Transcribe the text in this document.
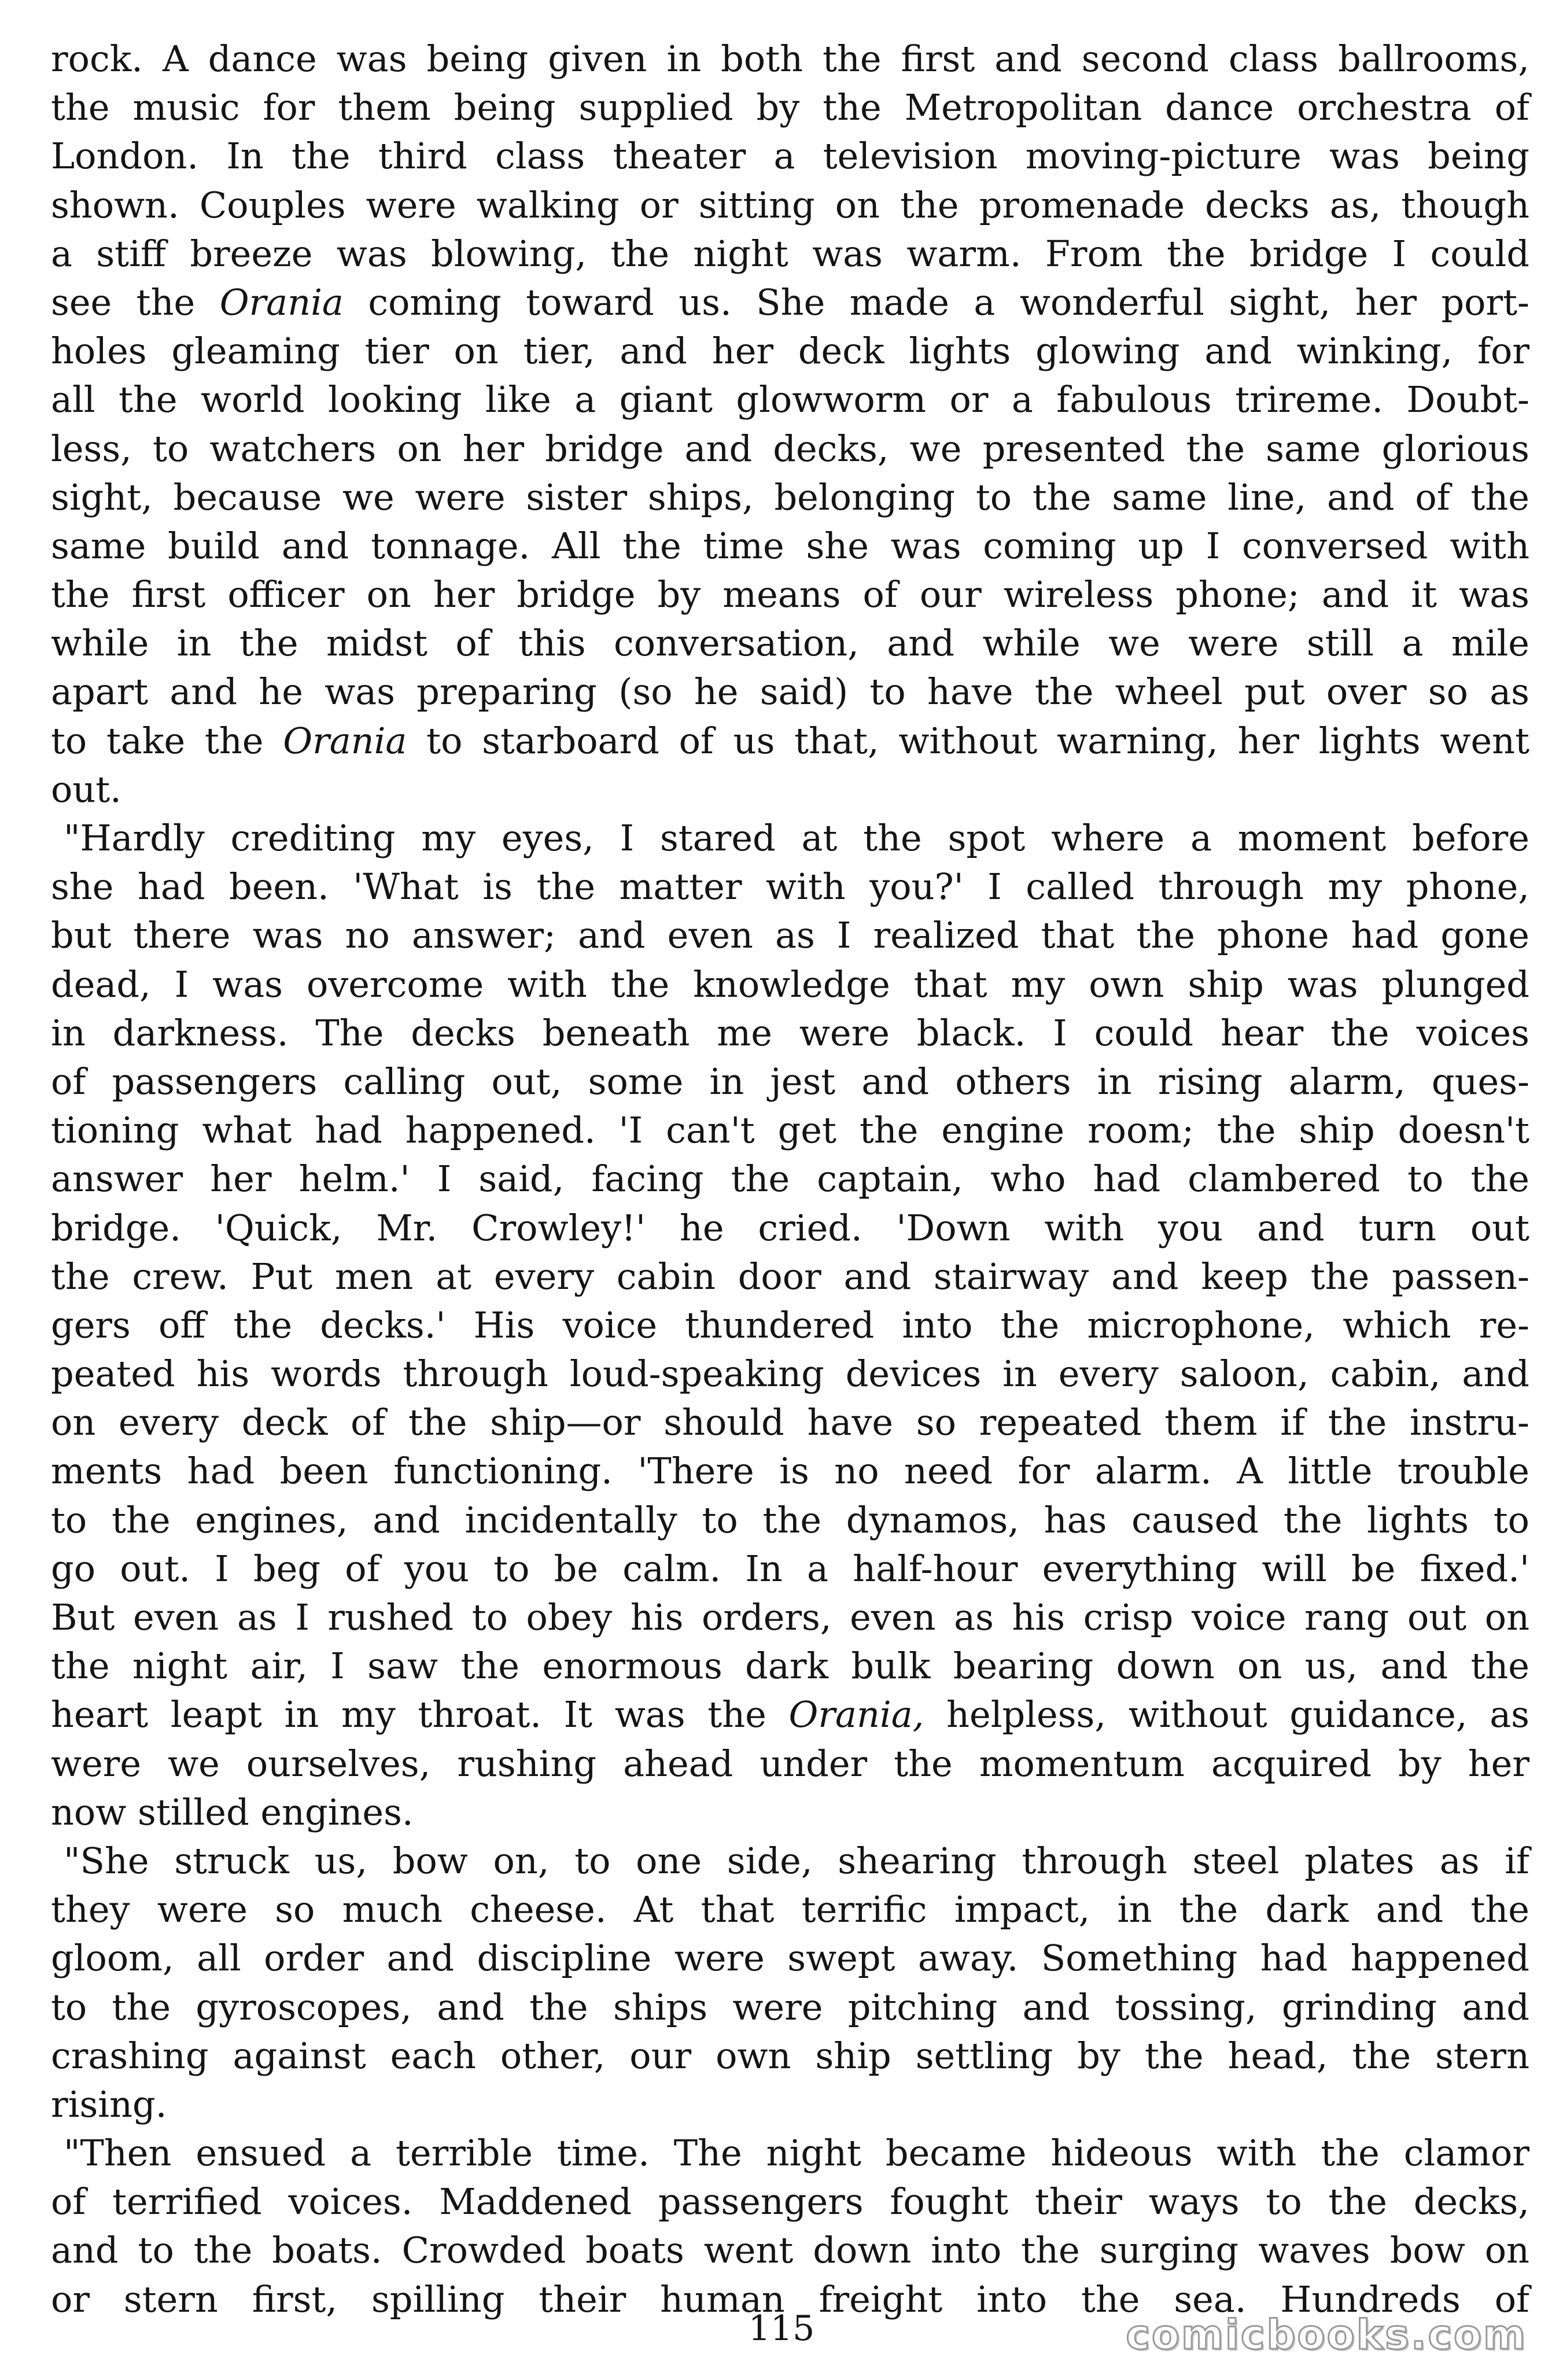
rock. A dance was being given in both the first and second class ballrooms,
the music for them being supplied by the Metropolitan dance orchestra of
London. In the third class theater a television moving-picture was being
shown. Couples were walking or sitting on the promenade decks as, though
a stiff breeze was blowing, the night was warm. From the bridge I could
see the Orania coming toward us. She made a wonderful sight, her port-
holes gleaming tier on tier, and her deck lights glowing and winking, for
all the world looking like a giant glowworm or a fabulous trireme. Doubt-
less, to watchers on her bridge and decks, we presented the same glorious
sight, because we were sister ships, belonging to the same line, and of the
same build and tonnage. All the time she was coming up I conversed with
the first officer on her bridge by means of our wireless phone; and it was
while in the midst of this conversation, and while we were still a mile
apart and he was preparing (so he said) to have the wheel put over so as
to take the Orania to starboard of us that, without warning, her lights went
out.
"Hardly crediting my eyes, I stared at the spot where a moment before
she had been. 'What is the matter with you?' I called through my phone,
but there was no answer; and even as I realized that the phone had gone
dead, I was overcome with the knowledge that my own ship was plunged
in darkness. The decks beneath me were black. I could hear the voices
of passengers calling out, some in jest and others in rising alarm, ques-
tioning what had happened. 'I can't get the engine room; the ship doesn't
answer her helm.' I said, facing the captain, who had clambered to the
bridge. 'Quick, Mr. Crowley!' he cried. 'Down with you and turn out
the crew. Put men at every cabin door and stairway and keep the passen-
gers off the decks.' His voice thundered into the microphone, which re-
peated his words through loud-speaking devices in every saloon, cabin, and
on every deck of the ship—or should have so repeated them if the instru-
ments had been functioning. 'There is no need for alarm. A little trouble
to the engines, and incidentally to the dynamos, has caused the lights to
go out. I beg of you to be calm. In a half-hour everything will be fixed.'
But even as I rushed to obey his orders, even as his crisp voice rang out on
the night air, I saw the enormous dark bulk bearing down on us, and the
heart leapt in my throat. It was the Orania, helpless, without guidance, as
were we ourselves, rushing ahead under the momentum acquired by her
now stilled engines.
"She struck us, bow on, to one side, shearing through steel plates as if
they were so much cheese. At that terrific impact, in the dark and the
gloom, all order and discipline were swept away. Something had happened
to the gyroscopes, and the ships were pitching and tossing, grinding and
crashing against each other, our own ship settling by the head, the stern
rising.
"Then ensued a terrible time. The night became hideous with the clamor
of terrified voices. Maddened passengers fought their ways to the decks,
and to the boats. Crowded boats went down into the surging waves bow on
or stern first, spilling their human freight into the sea. Hundreds of
115	comicbooks.com
